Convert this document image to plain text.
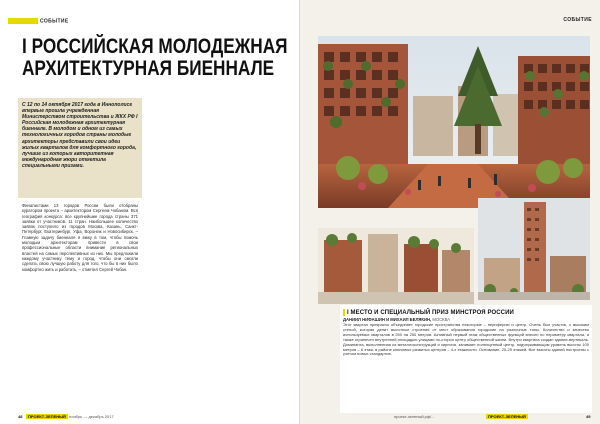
СОБЫТИЕ
I РОССИЙСКАЯ МОЛОДЕЖНАЯ
АРХИТЕКТУРНАЯ БИЕННАЛЕ

С 12 по 14 октября 2017 года в Иннополисе впервые прошла учрежденная Министерством строительства и ЖКХ РФ I Российская молодежная архитектурная биеннале. В молодом и одном из самых технологичных городов страны молодые архитекторы представили свои идеи жилых кварталов для комфортного города, лучшие из которых авторитетная международная жюри отметила специальными призами.

Финалистами 13 городов России были отобраны куратором проекта – архитектором Сергеем Чобаном. Вся география конкурса: все крупнейшие города страны 371 заявки от участников. 11 стран. Наибольшее количество заявок поступило из городов Москва, Казань, Санкт-Петербург, Екатеринбург, Уфа, Воронеж и Новосибирск. – Главную задачу биеннале я вижу в том, чтобы помочь молодым архитекторам привести в свои профессиональные области внимание региональных властей на самых перспективных из них. Мы предложили каждому участнику тему и город, чтобы они смогли сделать свою лучшую работу для того, что бы в них было комфортно жить и работать, – отметил Сергей Чобан.

СОБЫТИЕ
I МЕСТО И СПЕЦИАЛЬНЫЙ ПРИЗ МИНСТРОЯ РОССИИ
ДАНИИЛ НИФАШИН И МИХАИЛ БЕЛЯКИН, МОСКВА
Этот квартал прекрасно объединяет городские пространства некоторые – периферию и центр. Очень был участок, с высоким стеной, которая делит высотные строения от мест образования городские на различные типы. Количество и качество используемых кварталов в 250 на 250 метров. Активный первый этаж общественных функций внесен по периметру квартала, а также ограничен внутренней площадью улицами по-сторон центр общественной жизни. Внутри квартала создан здание-вертикаль. Доминанта, выполненная из металлоконструкций и кирпича, занимает полноценный центр, подчеркивающим уровень высоты 100 метров – 6 этаж, в районе ключевых развитых центров – 4-х этажности. Основание, 20-25 этажей. Все высоты зданий построены с учетом новых стандартов.
48	ПРОЕКТ-ЗЕЛЕНЫЙ ноябрь — декабрь 2017	проект-зеленый.рф/...	ПРОЕКТ-ЗЕЛЕНЫЙ	49
